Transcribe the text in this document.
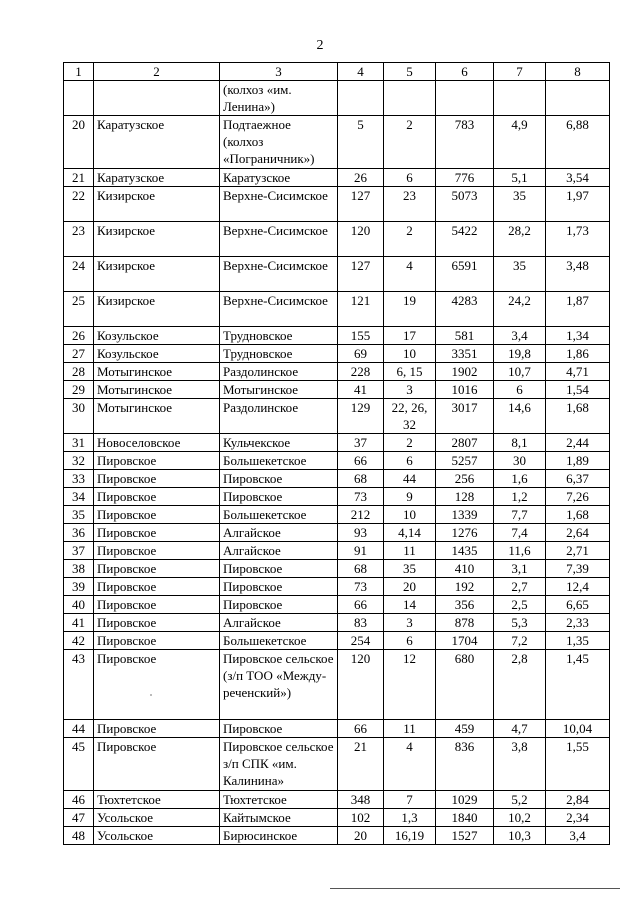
2
1	2	3	4	5	6	7	8
		(колхоз «им. Ленина»)					
20	Каратузское	Подтаежное (колхоз «Пограничник»)	5	2	783	4,9	6,88
21	Каратузское	Каратузское	26	6	776	5,1	3,54
22	Кизирское	Верхне-Сисимское	127	23	5073	35	1,97
23	Кизирское	Верхне-Сисимское	120	2	5422	28,2	1,73
24	Кизирское	Верхне-Сисимское	127	4	6591	35	3,48
25	Кизирское	Верхне-Сисимское	121	19	4283	24,2	1,87
26	Козульское	Трудновское	155	17	581	3,4	1,34
27	Козульское	Трудновское	69	10	3351	19,8	1,86
28	Мотыгинское	Раздолинское	228	6, 15	1902	10,7	4,71
29	Мотыгинское	Мотыгинское	41	3	1016	6	1,54
30	Мотыгинское	Раздолинское	129	22, 26, 32	3017	14,6	1,68
31	Новоселовское	Кульчекское	37	2	2807	8,1	2,44
32	Пировское	Большекетское	66	6	5257	30	1,89
33	Пировское	Пировское	68	44	256	1,6	6,37
34	Пировское	Пировское	73	9	128	1,2	7,26
35	Пировское	Большекетское	212	10	1339	7,7	1,68
36	Пировское	Алгайское	93	4,14	1276	7,4	2,64
37	Пировское	Алгайское	91	11	1435	11,6	2,71
38	Пировское	Пировское	68	35	410	3,1	7,39
39	Пировское	Пировское	73	20	192	2,7	12,4
40	Пировское	Пировское	66	14	356	2,5	6,65
41	Пировское	Алгайское	83	3	878	5,3	2,33
42	Пировское	Большекетское	254	6	1704	7,2	1,35
43	Пировское	Пировское сельское (з/п ТОО «Между-реченский»)	120	12	680	2,8	1,45
44	Пировское	Пировское	66	11	459	4,7	10,04
45	Пировское	Пировское сельское з/п СПК «им. Калинина»	21	4	836	3,8	1,55
46	Тюхтетское	Тюхтетское	348	7	1029	5,2	2,84
47	Усольское	Кайтымское	102	1,3	1840	10,2	2,34
48	Усольское	Бирюсинское	20	16,19	1527	10,3	3,4
